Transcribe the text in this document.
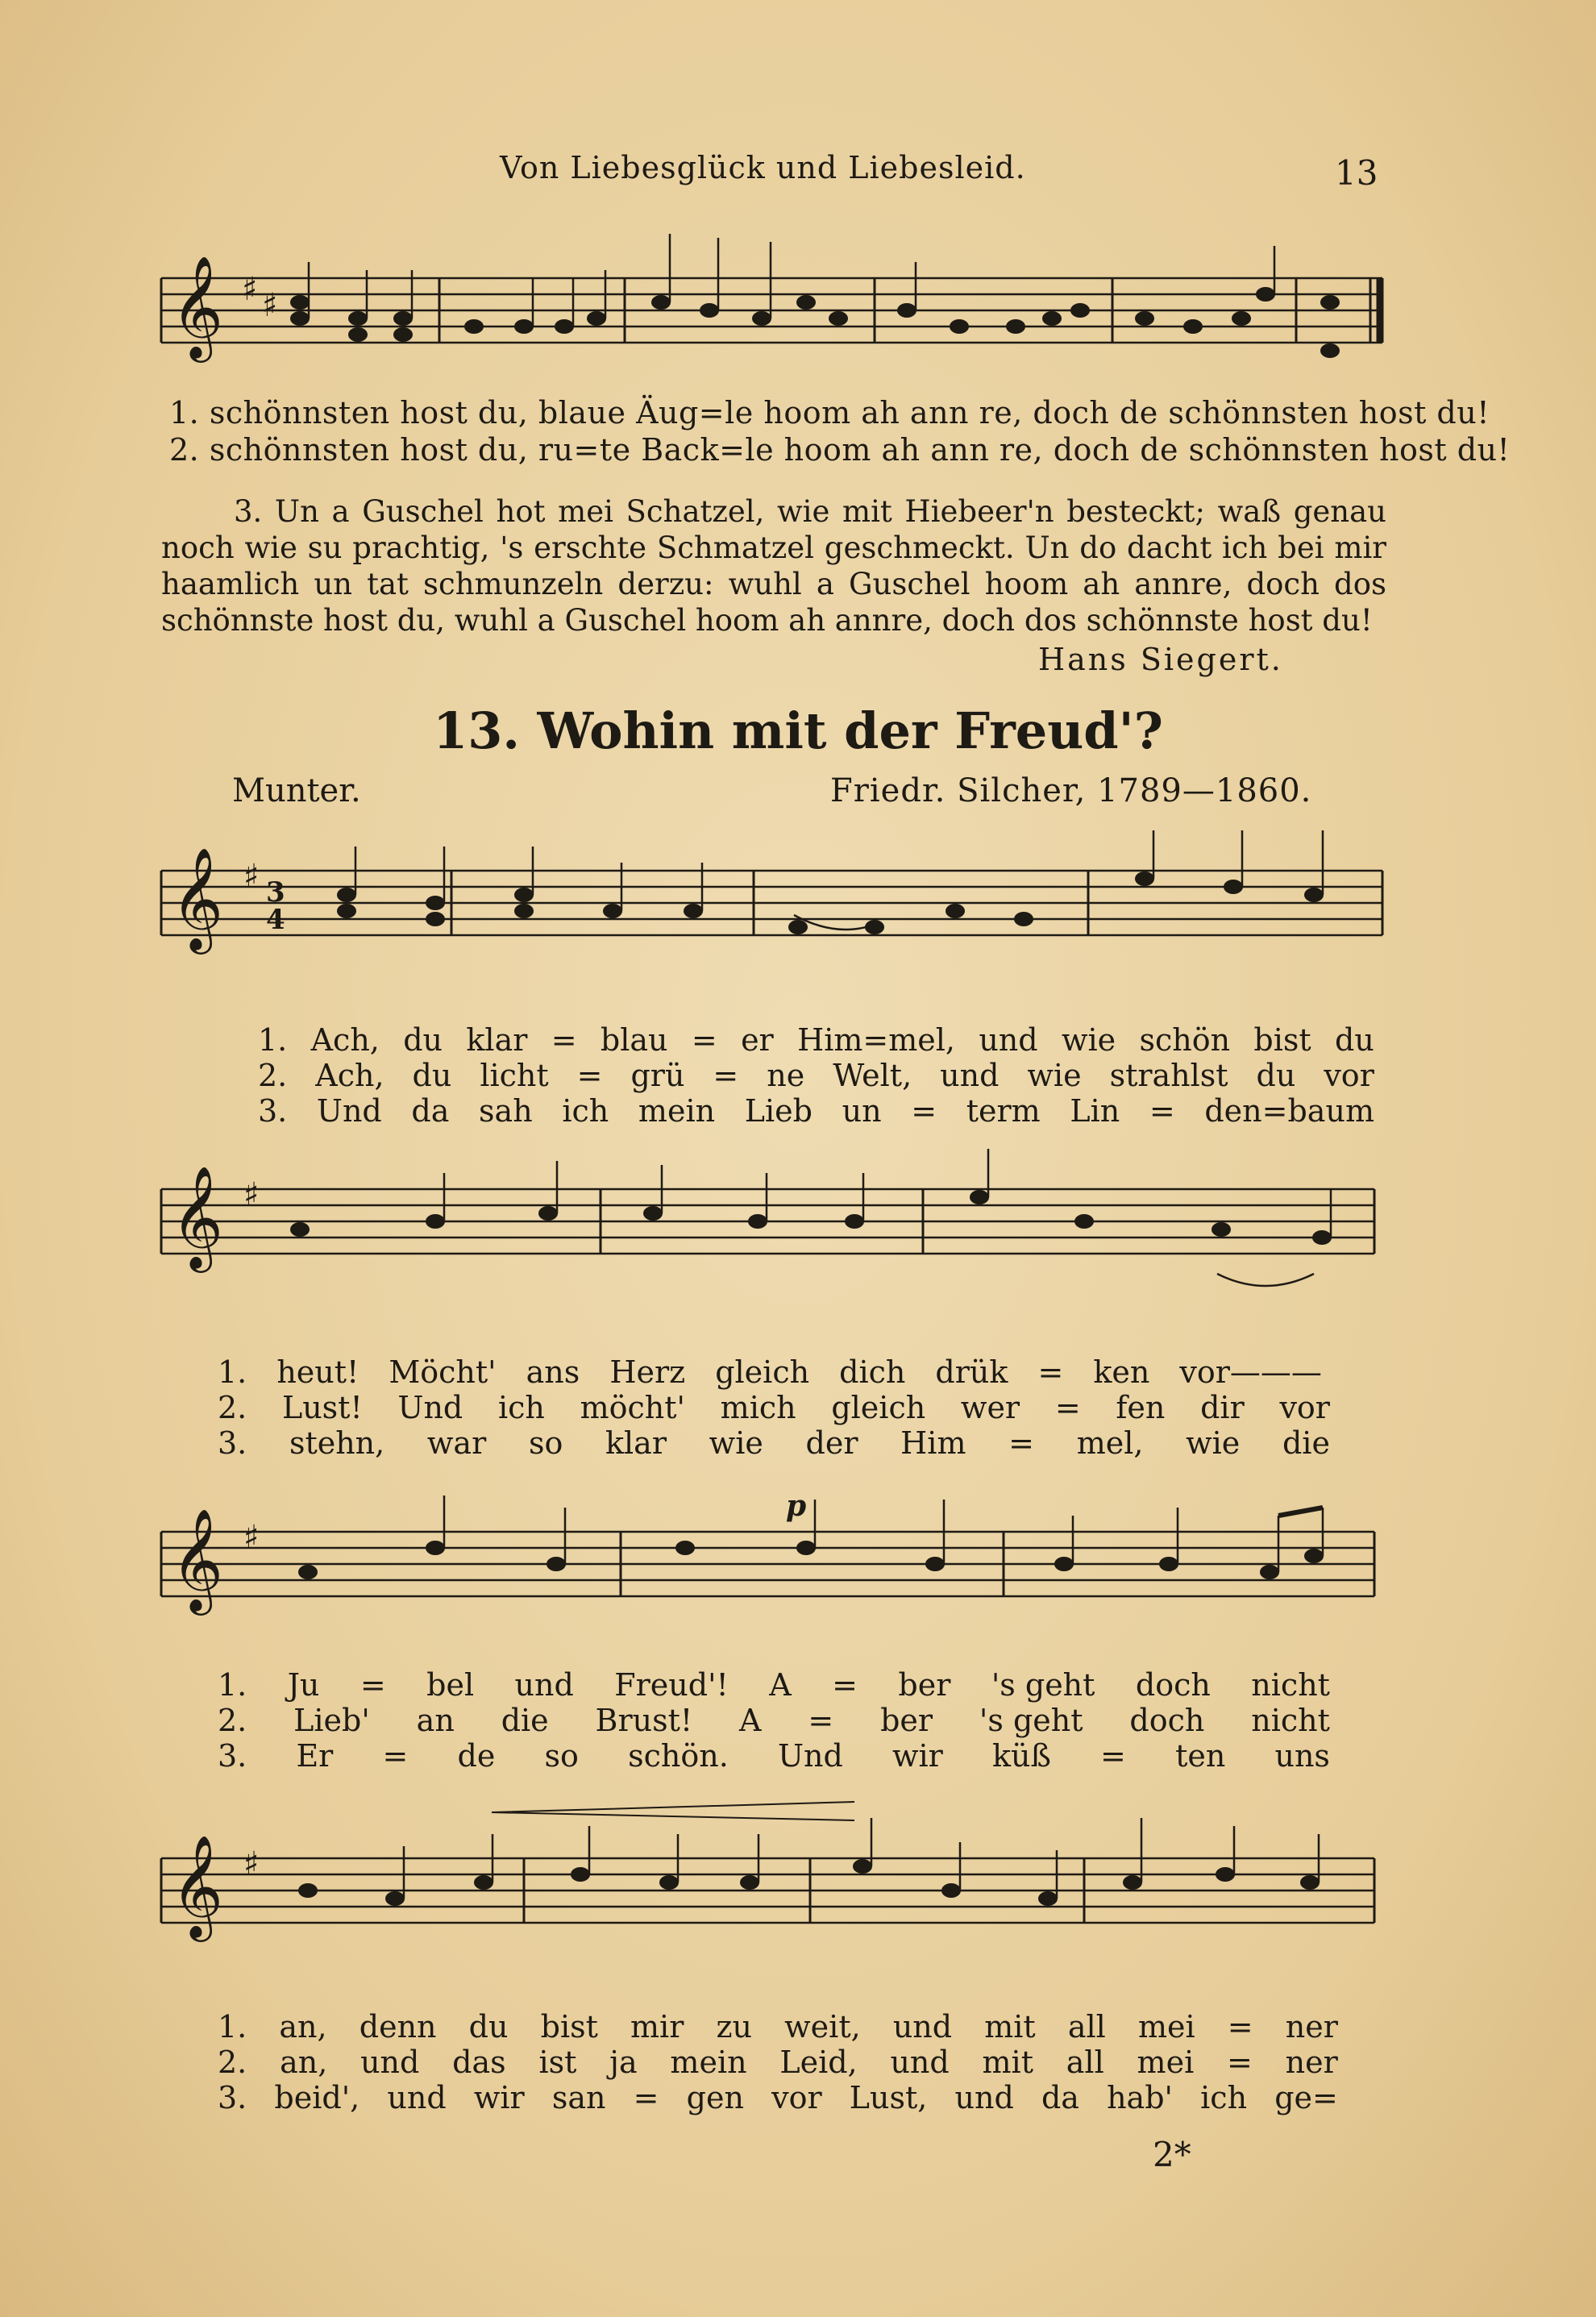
Von Liebesglück und Liebesleid.	13
𝄞 ♯ ♯
𝄞 ♯ 3
4
𝄞 ♯
𝄞 ♯
p
𝄞 ♯
1. schönnsten host du, blaue Äug=le hoom ah ann re, doch de schönnsten host du!
2. schönnsten host du, ru=te Back=le hoom ah ann re, doch de schönnsten host du!

3. Un a Guschel hot mei Schatzel, wie mit Hiebeer'n besteckt; waß genau noch wie su prachtig, 's erschte Schmatzel geschmeckt. Un do dacht ich bei mir haamlich un tat schmunzeln derzu: wuhl a Guschel hoom ah annre, doch dos schönnste host du, wuhl a Guschel hoom ah annre, doch dos schönnste host du!

Hans Siegert.
13. Wohin mit der Freud'?
Munter.	Friedr. Silcher, 1789—1860.
1. Ach, du klar = blau = er Him=mel, und wie schön bist du
2. Ach, du licht = grü = ne Welt, und wie strahlst du vor
3. Und da sah ich mein Lieb un = term Lin = den=baum
1. heut! Möcht' ans Herz gleich dich drük = ken vor———
2. Lust! Und ich möcht' mich gleich wer = fen dir vor
3. stehn, war so klar wie der Him = mel, wie die
1. Ju = bel und Freud'! A = ber 's geht doch nicht
2. Lieb' an die Brust! A = ber 's geht doch nicht
3. Er = de so schön. Und wir küß = ten uns
1. an, denn du bist mir zu weit, und mit all mei = ner
2. an, und das ist ja mein Leid, und mit all mei = ner
3. beid', und wir san = gen vor Lust, und da hab' ich ge=
2*
